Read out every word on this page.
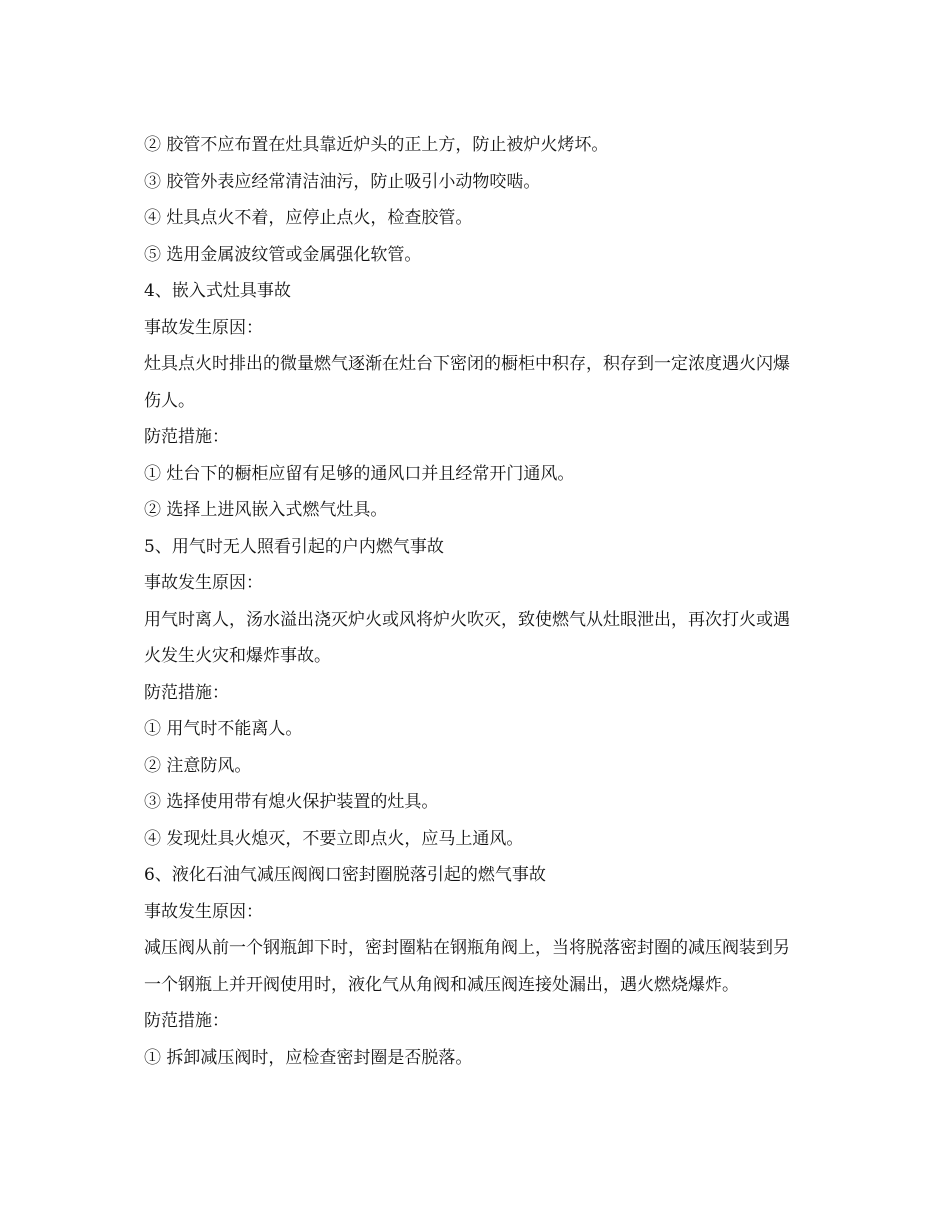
② 胶管不应布置在灶具靠近炉头的正上方，防止被炉火烤坏。

③ 胶管外表应经常清洁油污，防止吸引小动物咬啮。

④ 灶具点火不着，应停止点火，检查胶管。

⑤ 选用金属波纹管或金属强化软管。

4、嵌入式灶具事故

事故发生原因：

灶具点火时排出的微量燃气逐渐在灶台下密闭的橱柜中积存，积存到一定浓度遇火闪爆伤人。

防范措施：

① 灶台下的橱柜应留有足够的通风口并且经常开门通风。

② 选择上进风嵌入式燃气灶具。

5、用气时无人照看引起的户内燃气事故

事故发生原因：

用气时离人，汤水溢出浇灭炉火或风将炉火吹灭，致使燃气从灶眼泄出，再次打火或遇火发生火灾和爆炸事故。

防范措施：

① 用气时不能离人。

② 注意防风。

③ 选择使用带有熄火保护装置的灶具。

④ 发现灶具火熄灭，不要立即点火，应马上通风。

6、液化石油气减压阀阀口密封圈脱落引起的燃气事故

事故发生原因：

减压阀从前一个钢瓶卸下时，密封圈粘在钢瓶角阀上，当将脱落密封圈的减压阀装到另一个钢瓶上并开阀使用时，液化气从角阀和减压阀连接处漏出，遇火燃烧爆炸。

防范措施：

① 拆卸减压阀时，应检查密封圈是否脱落。
